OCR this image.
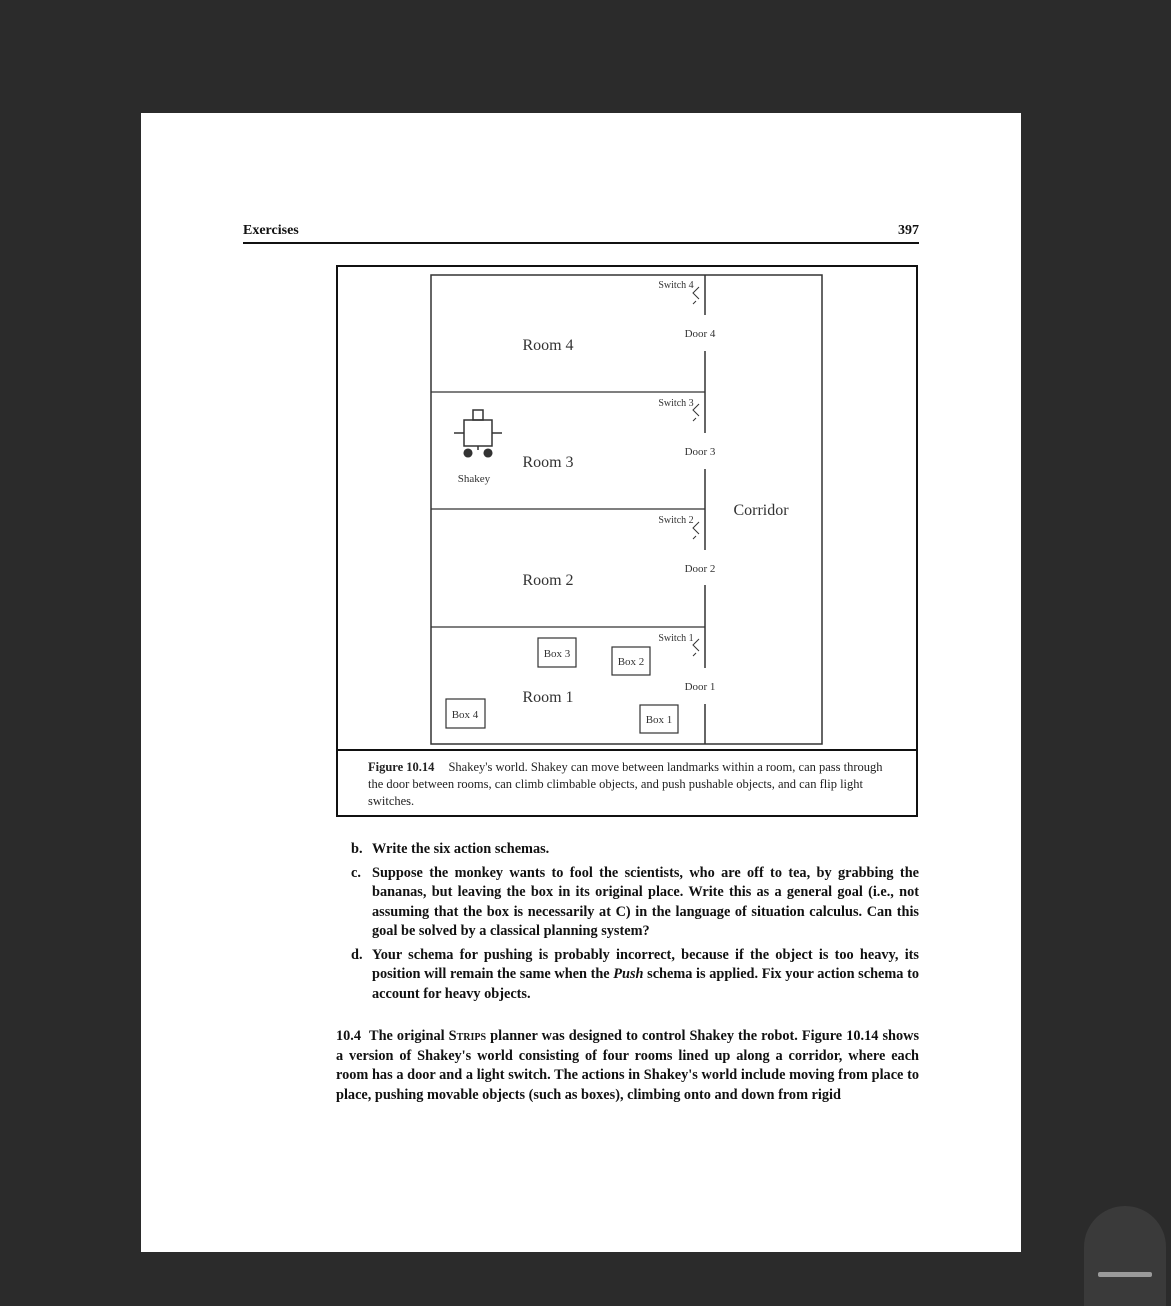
Exercises	397
Room 4
Room 3
Room 2
Room 1
Door 4
Door 3
Door 2
Door 1
Switch 4
Switch 3
Switch 2
Switch 1
Corridor
Shakey
Box 3
Box 2
Box 4	Box 1
Figure 10.14 Shakey's world. Shakey can move between landmarks within a room, can pass through the door between rooms, can climb climbable objects, and push pushable objects, and can flip light switches.
b. Write the six action schemas.
c. Suppose the monkey wants to fool the scientists, who are off to tea, by grabbing the bananas, but leaving the box in its original place. Write this as a general goal (i.e., not assuming that the box is necessarily at C) in the language of situation calculus. Can this goal be solved by a classical planning system?
d. Your schema for pushing is probably incorrect, because if the object is too heavy, its position will remain the same when the Push schema is applied. Fix your action schema to account for heavy objects.
10.4 The original Strips planner was designed to control Shakey the robot. Figure 10.14 shows a version of Shakey's world consisting of four rooms lined up along a corridor, where each room has a door and a light switch. The actions in Shakey's world include moving from place to place, pushing movable objects (such as boxes), climbing onto and down from rigid
